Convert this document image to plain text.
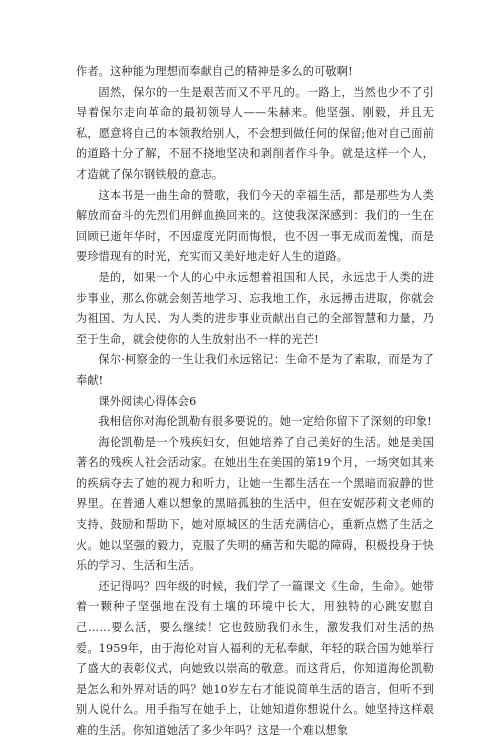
作者。这种能为理想而奉献自己的精神是多么的可敬啊!

固然，保尔的一生是艰苦而又不平凡的。一路上，当然也少不了引导着保尔走向革命的最初领导人——朱赫来。他坚强、刚毅，并且无私，愿意将自己的本领教给别人，不会想到做任何的保留;他对自己面前的道路十分了解，不屈不挠地坚决和剥削者作斗争。就是这样一个人，才造就了保尔钢铁般的意志。

这本书是一曲生命的赞歌，我们今天的幸福生活，都是那些为人类解放而奋斗的先烈们用鲜血换回来的。这使我深深感到：我们的一生在回顾已逝年华时，不因虚度光阴而悔恨，也不因一事无成而羞愧，而是要珍惜现有的时光，充实而又美好地走好人生的道路。

是的，如果一个人的心中永远想着祖国和人民，永远忠于人类的进步事业，那么你就会刻苦地学习、忘我地工作，永远搏击进取，你就会为祖国、为人民、为人类的进步事业贡献出自己的全部智慧和力量，乃至于生命，就会使你的人生放射出不一样的光芒!

保尔·柯察金的一生让我们永远铭记：生命不是为了索取，而是为了奉献!

课外阅读心得体会6

我相信你对海伦凯勒有很多要说的。她一定给你留下了深刻的印象!

海伦凯勒是一个残疾妇女，但她培养了自己美好的生活。她是美国著名的残疾人社会活动家。在她出生在美国的第19个月，一场突如其来的疾病夺去了她的视力和听力，让她一生都生活在一个黑暗而寂静的世界里。在普通人难以想象的黑暗孤独的生活中，但在安妮莎莉文老师的支持、鼓励和帮助下，她对原城区的生活充满信心，重新点燃了生活之火。她以坚强的毅力，克服了失明的痛苦和失聪的障碍，积极投身于快乐的学习、生活和生活。

还记得吗？四年级的时候，我们学了一篇课文《生命，生命》。她带着一颗种子坚强地在没有土壤的环境中长大，用独特的心跳安慰自己……要么活，要么继续！它也鼓励我们永生，激发我们对生活的热爱。1959年，由于海伦对盲人福利的无私奉献，年轻的联合国为她举行了盛大的表彰仪式，向她致以崇高的敬意。而这背后，你知道海伦凯勒是怎么和外界对话的吗？她10岁左右才能说简单生活的语言，但听不到别人说什么。用手指写在她手上，让她知道你想说什么。她坚持这样艰难的生活。你知道她活了多少年吗？这是一个难以想象
